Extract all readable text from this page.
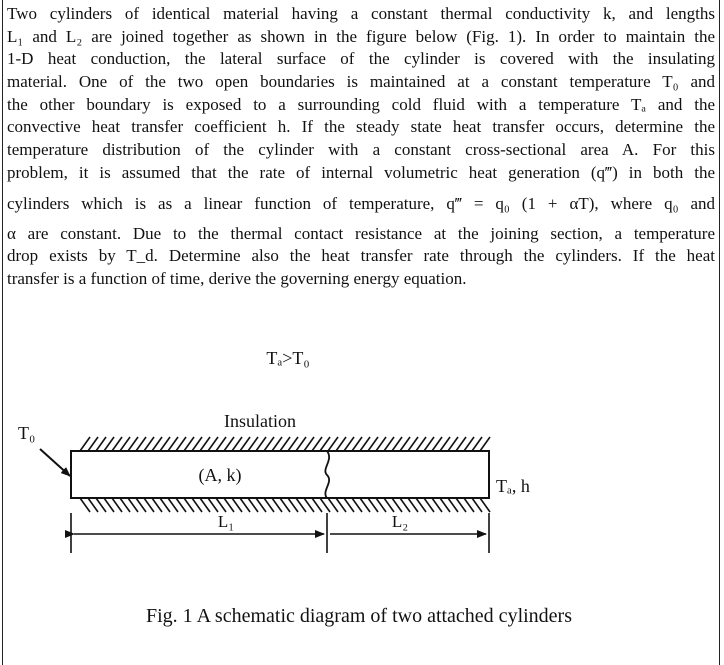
Two cylinders of identical material having a constant thermal conductivity k, and lengths
L₁ and L₂ are joined together as shown in the figure below (Fig. 1). In order to maintain the
1-D heat conduction, the lateral surface of the cylinder is covered with the insulating
material. One of the two open boundaries is maintained at a constant temperature T₀ and
the other boundary is exposed to a surrounding cold fluid with a temperature Tₐ and the
convective heat transfer coefficient h. If the steady state heat transfer occurs, determine the
temperature distribution of the cylinder with a constant cross-sectional area A. For this
problem, it is assumed that the rate of internal volumetric heat generation (q‴) in both the
cylinders which is as a linear function of temperature, q‴ = q₀ (1 + αT), where q₀ and
α are constant. Due to the thermal contact resistance at the joining section, a temperature
drop exists by T_d. Determine also the heat transfer rate through the cylinders. If the heat
transfer is a function of time, derive the governing energy equation.
Tₐ>T₀
Insulation
T₀
(A, k)
Tₐ, h
L₁	L₂
Fig. 1 A schematic diagram of two attached cylinders
